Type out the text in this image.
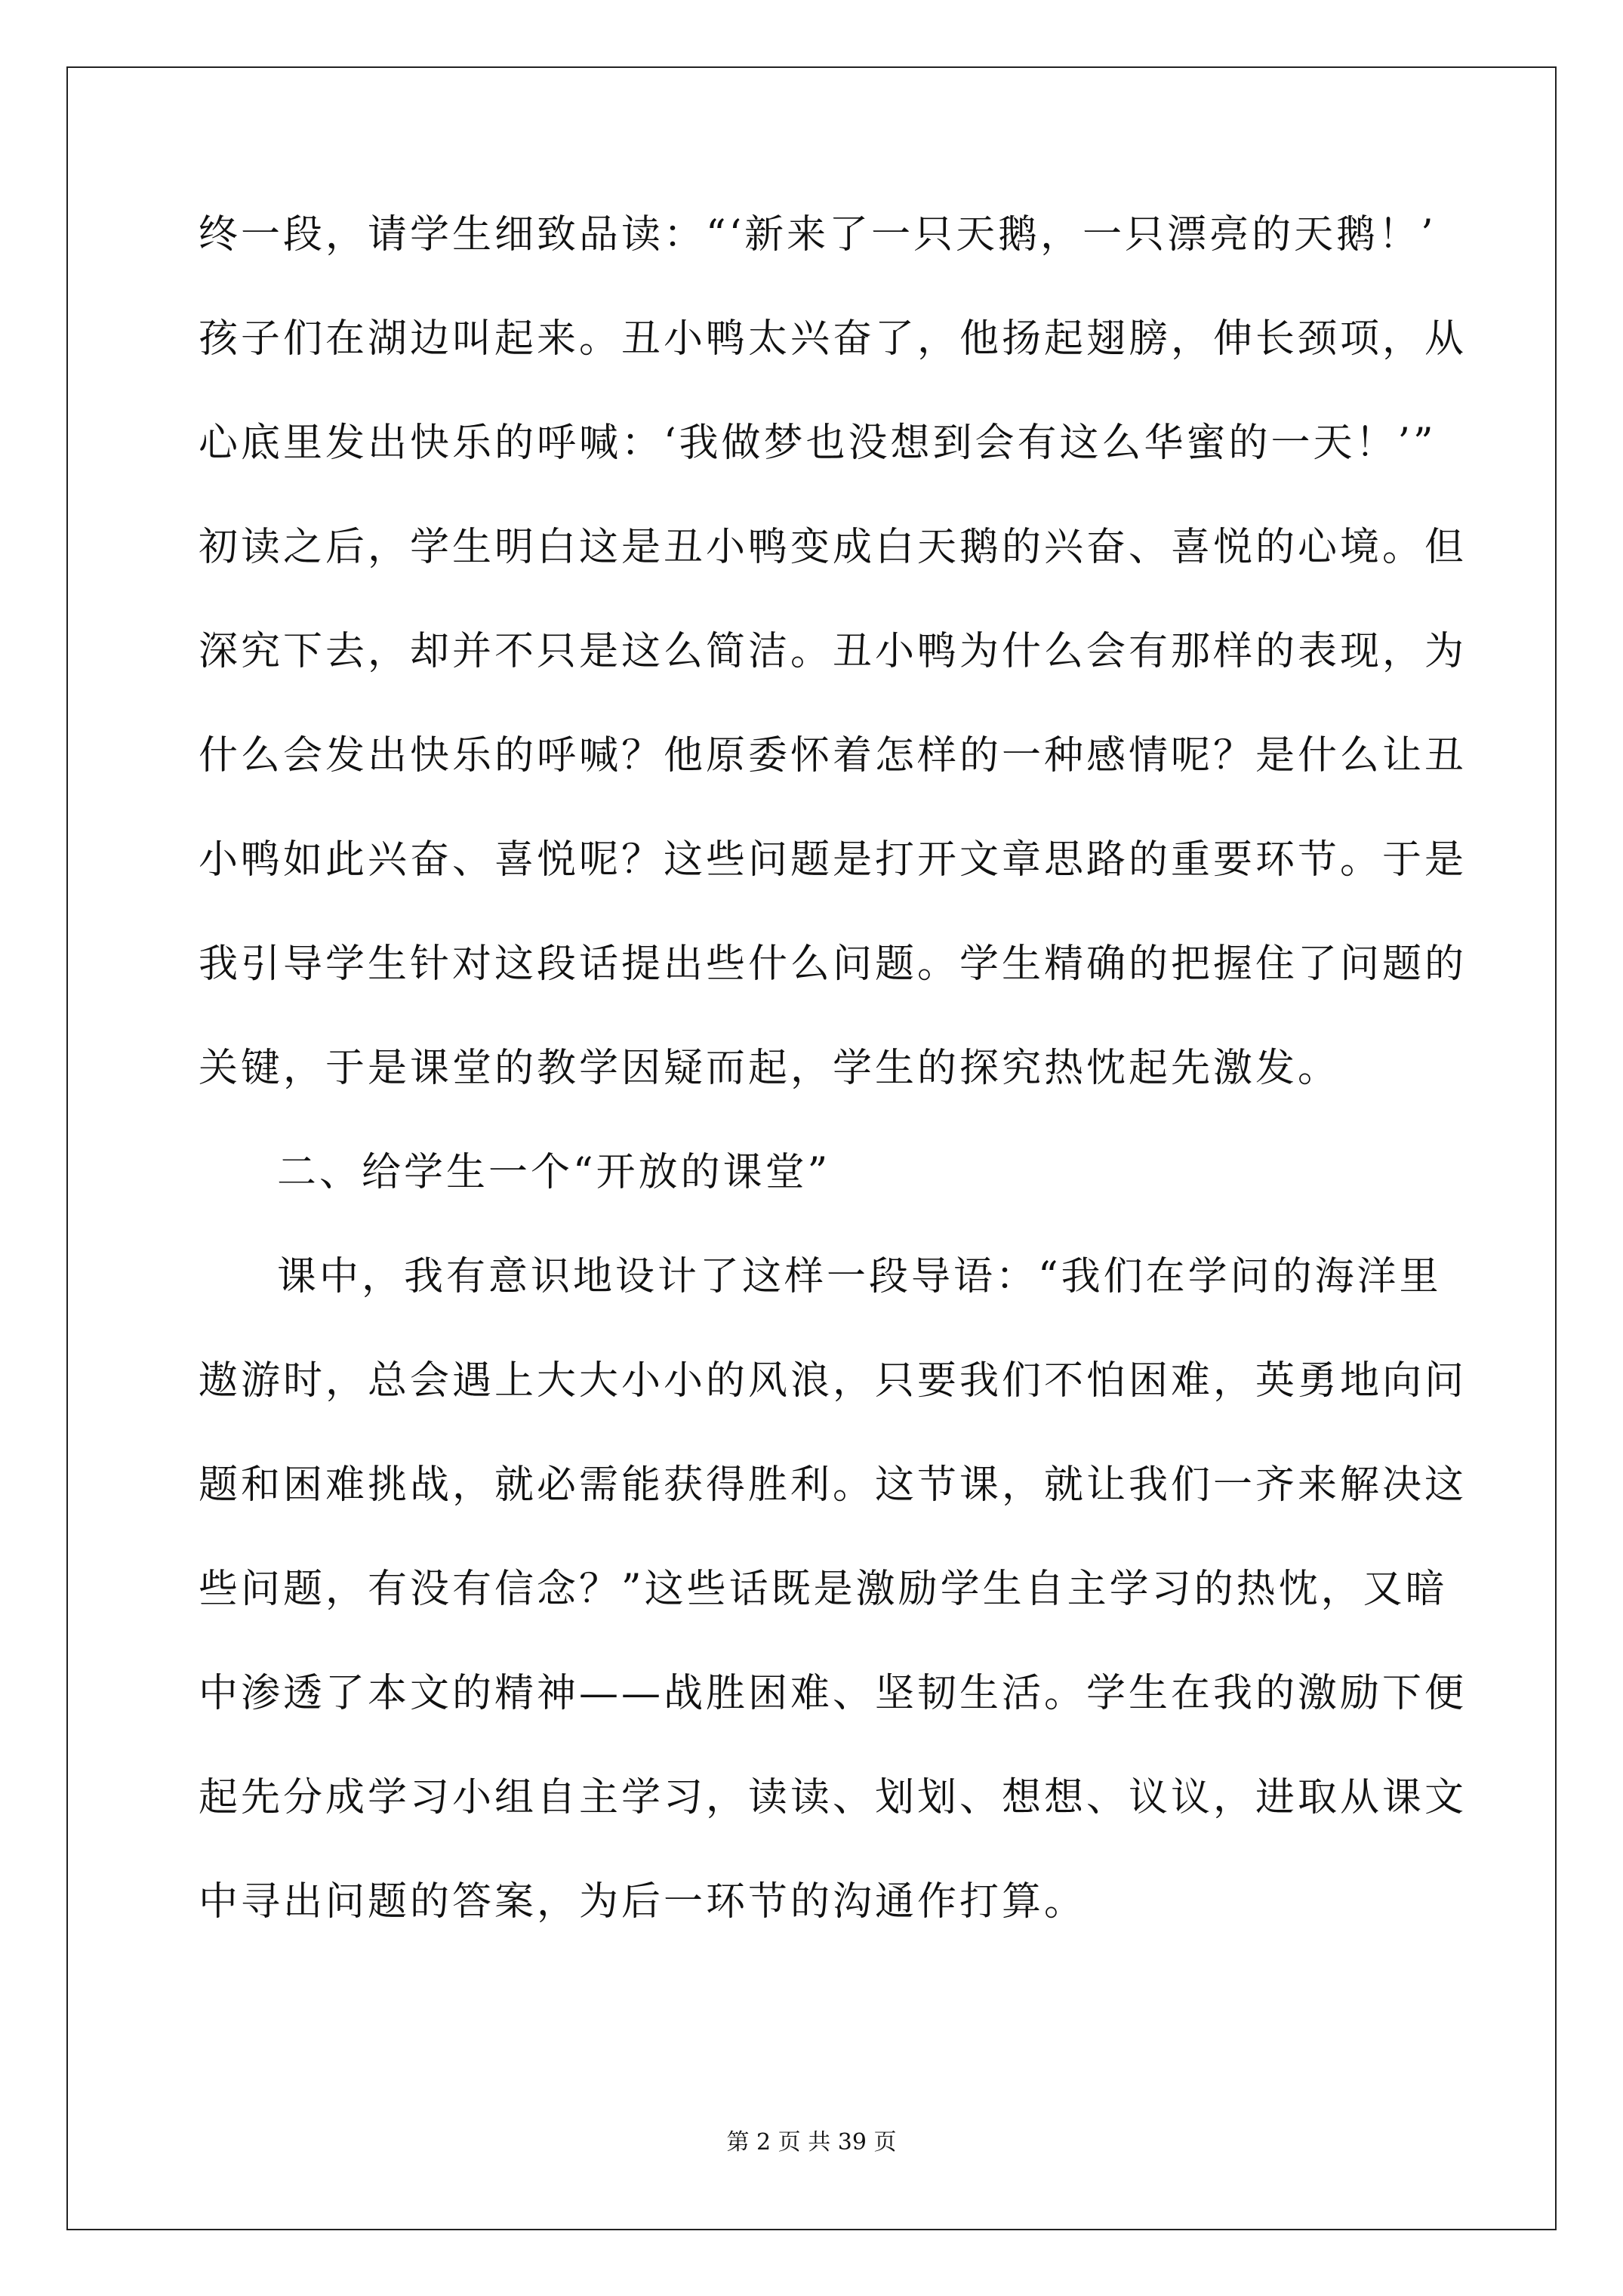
终一段，请学生细致品读：“‘新来了一只天鹅，一只漂亮的天鹅！’
孩子们在湖边叫起来。丑小鸭太兴奋了，他扬起翅膀，伸长颈项，从
心底里发出快乐的呼喊：‘我做梦也没想到会有这么华蜜的一天！’”
初读之后，学生明白这是丑小鸭变成白天鹅的兴奋、喜悦的心境。但
深究下去，却并不只是这么简洁。丑小鸭为什么会有那样的表现，为
什么会发出快乐的呼喊？他原委怀着怎样的一种感情呢？是什么让丑
小鸭如此兴奋、喜悦呢？这些问题是打开文章思路的重要环节。于是
我引导学生针对这段话提出些什么问题。学生精确的把握住了问题的
关键，于是课堂的教学因疑而起，学生的探究热忱起先激发。
二、给学生一个“开放的课堂”
课中，我有意识地设计了这样一段导语：“我们在学问的海洋里
遨游时，总会遇上大大小小的风浪，只要我们不怕困难，英勇地向问
题和困难挑战，就必需能获得胜利。这节课，就让我们一齐来解决这
些问题，有没有信念？”这些话既是激励学生自主学习的热忱，又暗
中渗透了本文的精神——战胜困难、坚韧生活。学生在我的激励下便
起先分成学习小组自主学习，读读、划划、想想、议议，进取从课文
中寻出问题的答案，为后一环节的沟通作打算。
第 2 页 共 39 页
